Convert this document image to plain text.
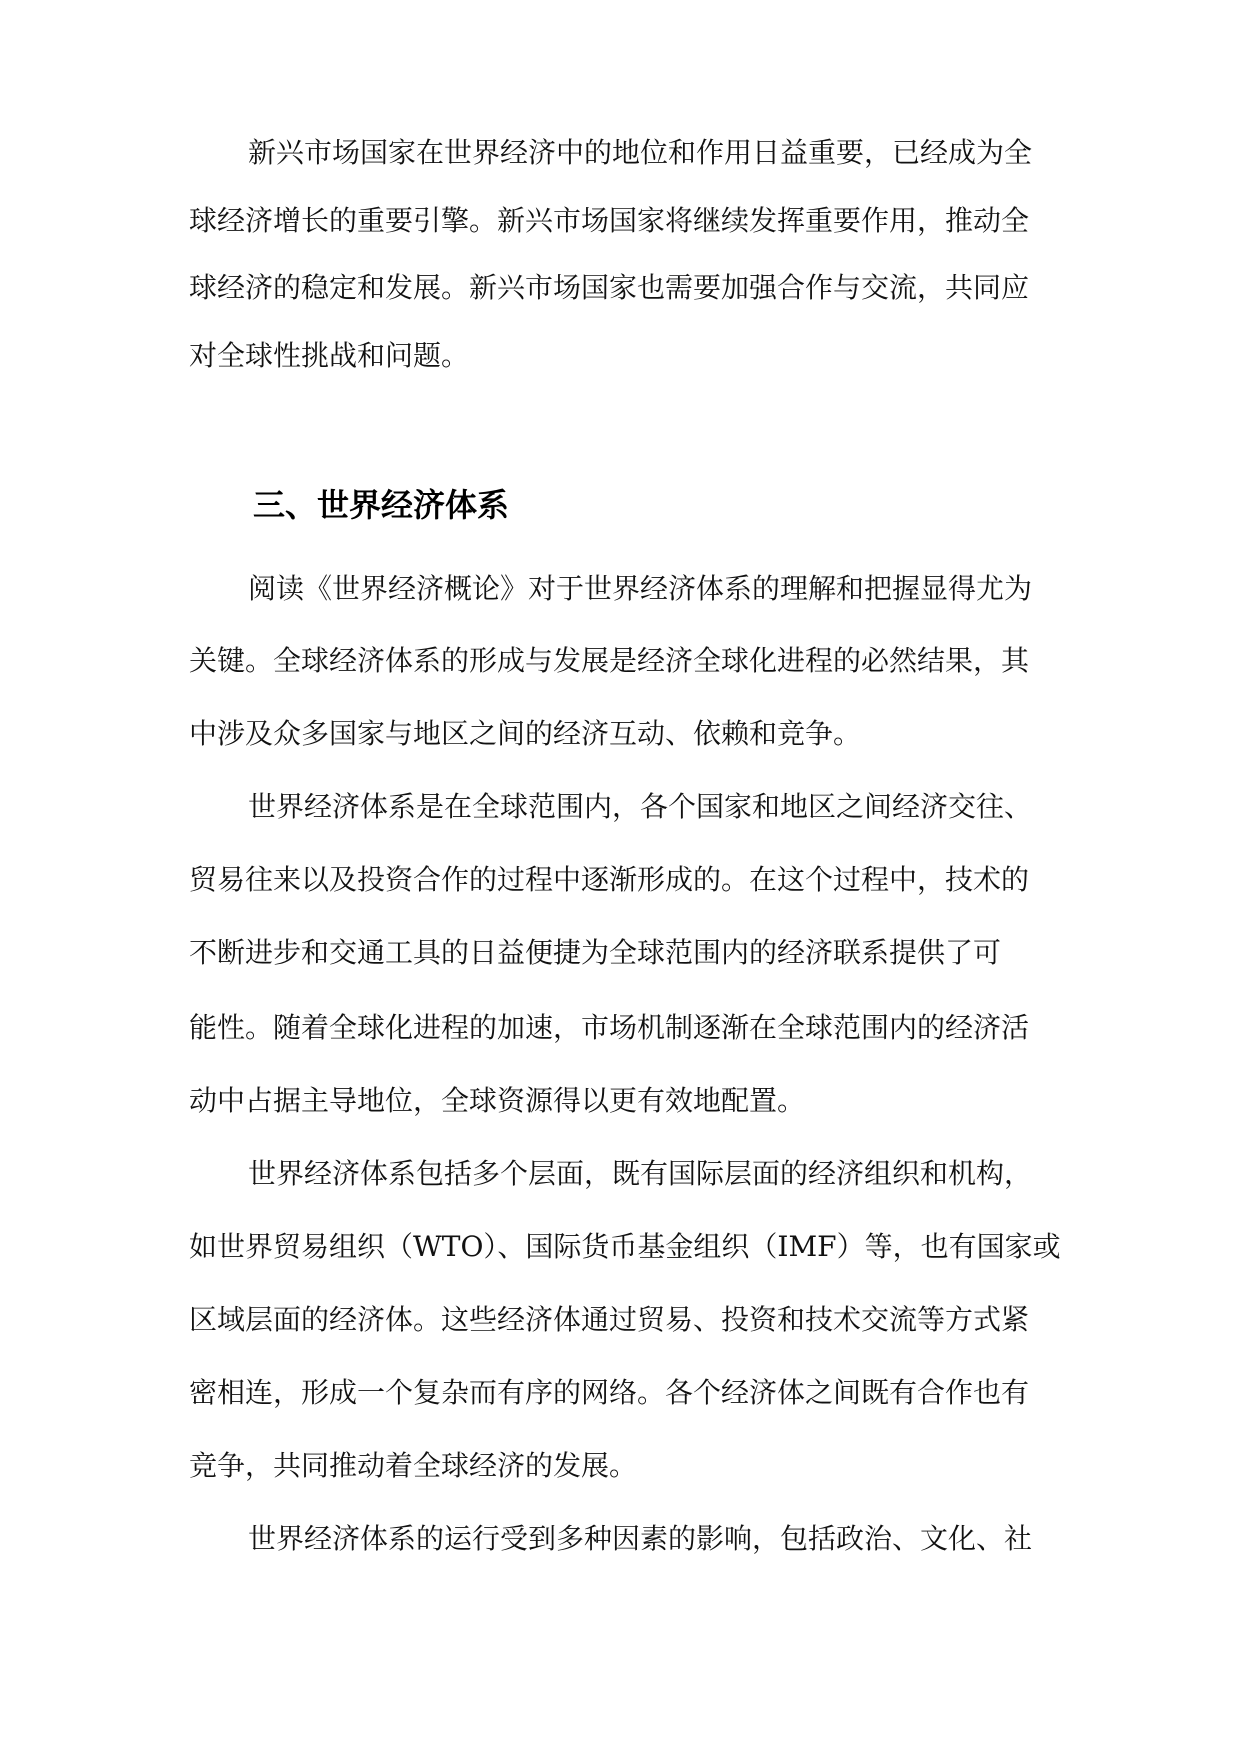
新兴市场国家在世界经济中的地位和作用日益重要，已经成为全

球经济增长的重要引擎。新兴市场国家将继续发挥重要作用，推动全

球经济的稳定和发展。新兴市场国家也需要加强合作与交流，共同应

对全球性挑战和问题。

三、世界经济体系

阅读《世界经济概论》对于世界经济体系的理解和把握显得尤为

关键。全球经济体系的形成与发展是经济全球化进程的必然结果，其

中涉及众多国家与地区之间的经济互动、依赖和竞争。

世界经济体系是在全球范围内，各个国家和地区之间经济交往、

贸易往来以及投资合作的过程中逐渐形成的。在这个过程中，技术的

不断进步和交通工具的日益便捷为全球范围内的经济联系提供了可

能性。随着全球化进程的加速，市场机制逐渐在全球范围内的经济活

动中占据主导地位，全球资源得以更有效地配置。

世界经济体系包括多个层面，既有国际层面的经济组织和机构，

如世界贸易组织（WTO）、国际货币基金组织（IMF）等，也有国家或

区域层面的经济体。这些经济体通过贸易、投资和技术交流等方式紧

密相连，形成一个复杂而有序的网络。各个经济体之间既有合作也有

竞争，共同推动着全球经济的发展。

世界经济体系的运行受到多种因素的影响，包括政治、文化、社
